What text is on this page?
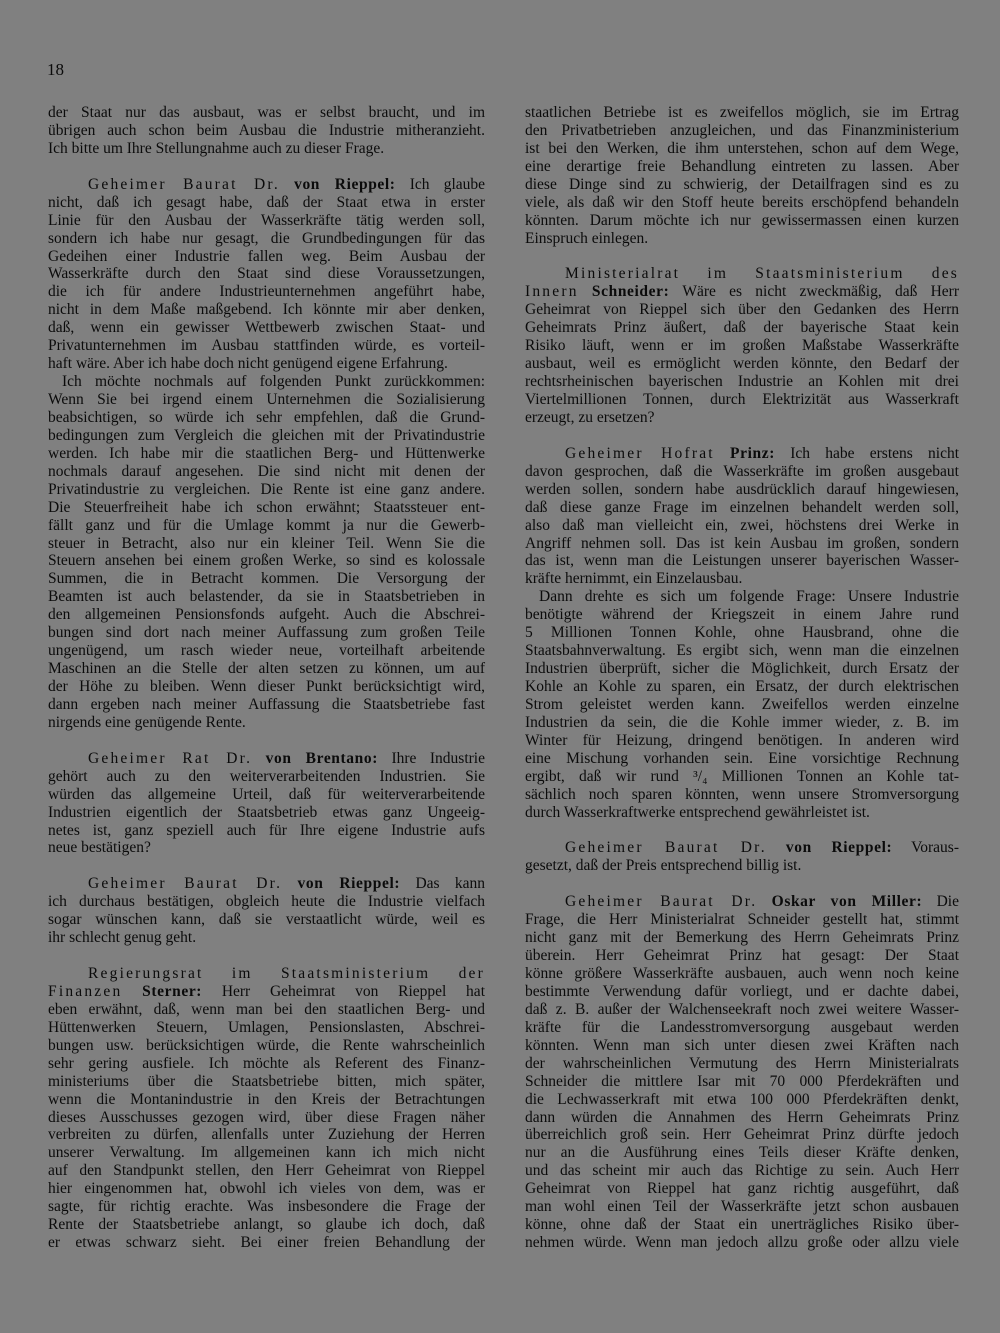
18
der Staat nur das ausbaut, was er selbst braucht, und im
übrigen auch schon beim Ausbau die Industrie mitheranzieht.
Ich bitte um Ihre Stellungnahme auch zu dieser Frage.
Geheimer Baurat Dr. von Rieppel: Ich glaube
nicht, daß ich gesagt habe, daß der Staat etwa in erster
Linie für den Ausbau der Wasserkräfte tätig werden soll,
sondern ich habe nur gesagt, die Grundbedingungen für das
Gedeihen einer Industrie fallen weg. Beim Ausbau der
Wasserkräfte durch den Staat sind diese Voraussetzungen,
die ich für andere Industrieunternehmen angeführt habe,
nicht in dem Maße maßgebend. Ich könnte mir aber denken,
daß, wenn ein gewisser Wettbewerb zwischen Staat- und
Privatunternehmen im Ausbau stattfinden würde, es vorteil-
haft wäre. Aber ich habe doch nicht genügend eigene Erfahrung.
Ich möchte nochmals auf folgenden Punkt zurückkommen:
Wenn Sie bei irgend einem Unternehmen die Sozialisierung
beabsichtigen, so würde ich sehr empfehlen, daß die Grund-
bedingungen zum Vergleich die gleichen mit der Privatindustrie
werden. Ich habe mir die staatlichen Berg- und Hüttenwerke
nochmals darauf angesehen. Die sind nicht mit denen der
Privatindustrie zu vergleichen. Die Rente ist eine ganz andere.
Die Steuerfreiheit habe ich schon erwähnt; Staatssteuer ent-
fällt ganz und für die Umlage kommt ja nur die Gewerb-
steuer in Betracht, also nur ein kleiner Teil. Wenn Sie die
Steuern ansehen bei einem großen Werke, so sind es kolossale
Summen, die in Betracht kommen. Die Versorgung der
Beamten ist auch belastender, da sie in Staatsbetrieben in
den allgemeinen Pensionsfonds aufgeht. Auch die Abschrei-
bungen sind dort nach meiner Auffassung zum großen Teile
ungenügend, um rasch wieder neue, vorteilhaft arbeitende
Maschinen an die Stelle der alten setzen zu können, um auf
der Höhe zu bleiben. Wenn dieser Punkt berücksichtigt wird,
dann ergeben nach meiner Auffassung die Staatsbetriebe fast
nirgends eine genügende Rente.
Geheimer Rat Dr. von Brentano: Ihre Industrie
gehört auch zu den weiterverarbeitenden Industrien. Sie
würden das allgemeine Urteil, daß für weiterverarbeitende
Industrien eigentlich der Staatsbetrieb etwas ganz Ungeeig-
netes ist, ganz speziell auch für Ihre eigene Industrie aufs
neue bestätigen?
Geheimer Baurat Dr. von Rieppel: Das kann
ich durchaus bestätigen, obgleich heute die Industrie vielfach
sogar wünschen kann, daß sie verstaatlicht würde, weil es
ihr schlecht genug geht.
Regierungsrat im Staatsministerium der
Finanzen Sterner: Herr Geheimrat von Rieppel hat
eben erwähnt, daß, wenn man bei den staatlichen Berg- und
Hüttenwerken Steuern, Umlagen, Pensionslasten, Abschrei-
bungen usw. berücksichtigen würde, die Rente wahrscheinlich
sehr gering ausfiele. Ich möchte als Referent des Finanz-
ministeriums über die Staatsbetriebe bitten, mich später,
wenn die Montanindustrie in den Kreis der Betrachtungen
dieses Ausschusses gezogen wird, über diese Fragen näher
verbreiten zu dürfen, allenfalls unter Zuziehung der Herren
unserer Verwaltung. Im allgemeinen kann ich mich nicht
auf den Standpunkt stellen, den Herr Geheimrat von Rieppel
hier eingenommen hat, obwohl ich vieles von dem, was er
sagte, für richtig erachte. Was insbesondere die Frage der
Rente der Staatsbetriebe anlangt, so glaube ich doch, daß
er etwas schwarz sieht. Bei einer freien Behandlung der
staatlichen Betriebe ist es zweifellos möglich, sie im Ertrag
den Privatbetrieben anzugleichen, und das Finanzministerium
ist bei den Werken, die ihm unterstehen, schon auf dem Wege,
eine derartige freie Behandlung eintreten zu lassen. Aber
diese Dinge sind zu schwierig, der Detailfragen sind es zu
viele, als daß wir den Stoff heute bereits erschöpfend behandeln
könnten. Darum möchte ich nur gewissermassen einen kurzen
Einspruch einlegen.
Ministerialrat im Staatsministerium des
Innern Schneider: Wäre es nicht zweckmäßig, daß Herr
Geheimrat von Rieppel sich über den Gedanken des Herrn
Geheimrats Prinz äußert, daß der bayerische Staat kein
Risiko läuft, wenn er im großen Maßstabe Wasserkräfte
ausbaut, weil es ermöglicht werden könnte, den Bedarf der
rechtsrheinischen bayerischen Industrie an Kohlen mit drei
Viertelmillionen Tonnen, durch Elektrizität aus Wasserkraft
erzeugt, zu ersetzen?
Geheimer Hofrat Prinz: Ich habe erstens nicht
davon gesprochen, daß die Wasserkräfte im großen ausgebaut
werden sollen, sondern habe ausdrücklich darauf hingewiesen,
daß diese ganze Frage im einzelnen behandelt werden soll,
also daß man vielleicht ein, zwei, höchstens drei Werke in
Angriff nehmen soll. Das ist kein Ausbau im großen, sondern
das ist, wenn man die Leistungen unserer bayerischen Wasser-
kräfte hernimmt, ein Einzelausbau.
Dann drehte es sich um folgende Frage: Unsere Industrie
benötigte während der Kriegszeit in einem Jahre rund
5 Millionen Tonnen Kohle, ohne Hausbrand, ohne die
Staatsbahnverwaltung. Es ergibt sich, wenn man die einzelnen
Industrien überprüft, sicher die Möglichkeit, durch Ersatz der
Kohle an Kohle zu sparen, ein Ersatz, der durch elektrischen
Strom geleistet werden kann. Zweifellos werden einzelne
Industrien da sein, die die Kohle immer wieder, z. B. im
Winter für Heizung, dringend benötigen. In anderen wird
eine Mischung vorhanden sein. Eine vorsichtige Rechnung
ergibt, daß wir rund ³/₄ Millionen Tonnen an Kohle tat-
sächlich noch sparen könnten, wenn unsere Stromversorgung
durch Wasserkraftwerke entsprechend gewährleistet ist.
Geheimer Baurat Dr. von Rieppel: Voraus-
gesetzt, daß der Preis entsprechend billig ist.
Geheimer Baurat Dr. Oskar von Miller: Die
Frage, die Herr Ministerialrat Schneider gestellt hat, stimmt
nicht ganz mit der Bemerkung des Herrn Geheimrats Prinz
überein. Herr Geheimrat Prinz hat gesagt: Der Staat
könne größere Wasserkräfte ausbauen, auch wenn noch keine
bestimmte Verwendung dafür vorliegt, und er dachte dabei,
daß z. B. außer der Walchenseekraft noch zwei weitere Wasser-
kräfte für die Landesstromversorgung ausgebaut werden
könnten. Wenn man sich unter diesen zwei Kräften nach
der wahrscheinlichen Vermutung des Herrn Ministerialrats
Schneider die mittlere Isar mit 70 000 Pferdekräften und
die Lechwasserkraft mit etwa 100 000 Pferdekräften denkt,
dann würden die Annahmen des Herrn Geheimrats Prinz
überreichlich groß sein. Herr Geheimrat Prinz dürfte jedoch
nur an die Ausführung eines Teils dieser Kräfte denken,
und das scheint mir auch das Richtige zu sein. Auch Herr
Geheimrat von Rieppel hat ganz richtig ausgeführt, daß
man wohl einen Teil der Wasserkräfte jetzt schon ausbauen
könne, ohne daß der Staat ein unerträgliches Risiko über-
nehmen würde. Wenn man jedoch allzu große oder allzu viele
